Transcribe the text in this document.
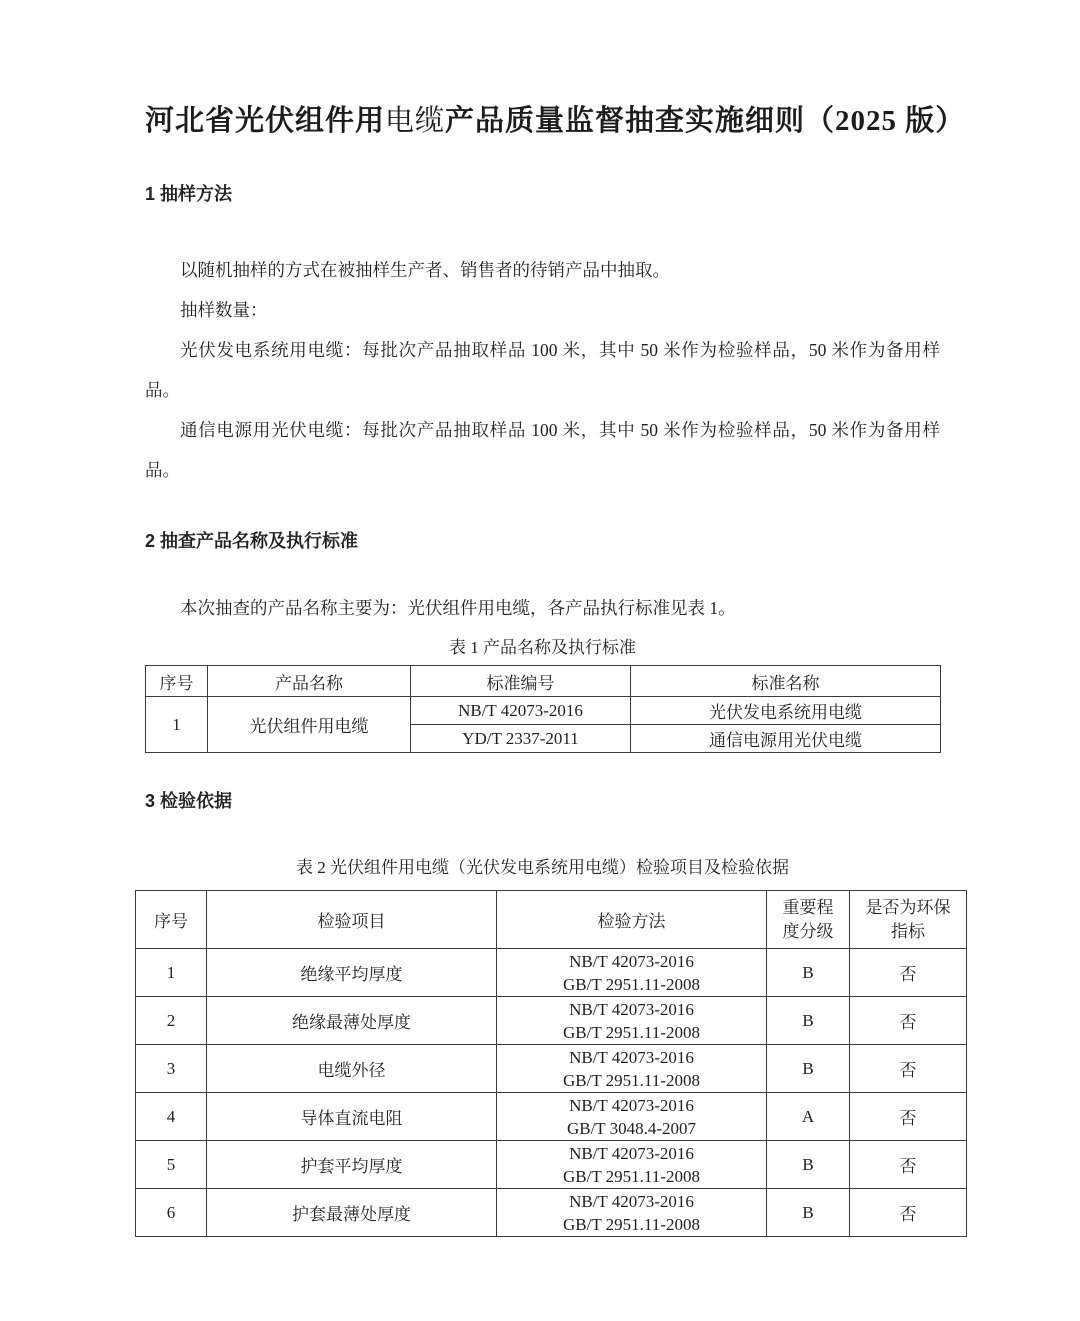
河北省光伏组件用电缆产品质量监督抽查实施细则（2025 版）
1 抽样方法

以随机抽样的方式在被抽样生产者、销售者的待销产品中抽取。

抽样数量：

光伏发电系统用电缆：每批次产品抽取样品 100 米，其中 50 米作为检验样品，50 米作为备用样品。

通信电源用光伏电缆：每批次产品抽取样品 100 米，其中 50 米作为检验样品，50 米作为备用样品。

2 抽查产品名称及执行标准

本次抽查的产品名称主要为：光伏组件用电缆，各产品执行标准见表 1。

表 1 产品名称及执行标准
序号	产品名称	标准编号	标准名称
1	光伏组件用电缆	NB/T 42073-2016	光伏发电系统用电缆
		YD/T 2337-2011	通信电源用光伏电缆
3 检验依据
表 2 光伏组件用电缆（光伏发电系统用电缆）检验项目及检验依据
序号	检验项目	检验方法	重要程度分级	是否为环保指标

1	绝缘平均厚度	NB/T 42073-2016
GB/T 2951.11-2008	B	否
2	绝缘最薄处厚度	NB/T 42073-2016
GB/T 2951.11-2008	B	否
3	电缆外径	NB/T 42073-2016
GB/T 2951.11-2008	B	否
4	导体直流电阻	NB/T 42073-2016
GB/T 3048.4-2007	A	否
5	护套平均厚度	NB/T 42073-2016
GB/T 2951.11-2008	B	否
6	护套最薄处厚度	NB/T 42073-2016
GB/T 2951.11-2008	B	否
